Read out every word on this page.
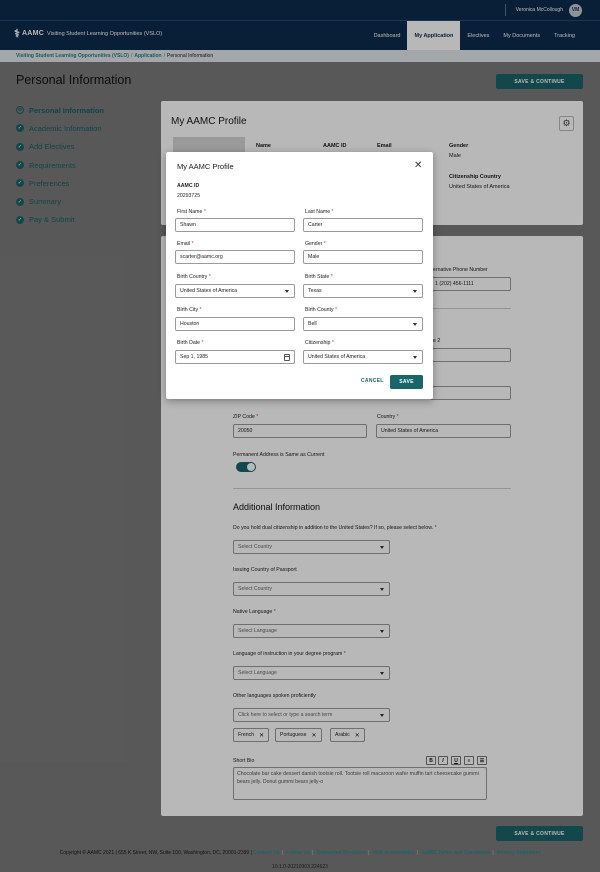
Veronica McCollough	VM
⚕ AAMC Visiting Student Learning Opportunities (VSLO)	Dashboard	My Application	Electives	My Documents	Tracking
Visiting Student Learning Opportunities (VSLO) / Application / Personal Information
Personal Information	SAVE & CONTINUE
⊘ Personal Information
✓ Academic Information
✓ Add Electives
✓ Requirements
✓ Preferences
✓ Summary
✓ Pay & Submit
My AAMC Profile	⚙
Name	AAMC ID	Email	Gender
Male
Citizenship Country
United States of America
ernative Phone Number
1 (202) 456-1111
e 2
ZIP Code *
20050
Country *
United States of America
Permanent Address is Same as Current
Additional Information
Do you hold dual citizenship in addition to the United States? If so, please select below. *
Select Country
Issuing Country of Passport
Select Country
Native Language *
Select Language
Language of instruction in your degree program *
Select Language
Other languages spoken proficiently
Click here to select or type a search term
French ✕	Portuguese ✕	Arabic ✕
Short Bio	B	I	U	≡	☰
Chocolate bar cake dessert danish tootsie roll. Tootsie roll macaroon wafer muffin tart cheesecake gummi bears jelly. Donut gummi bears jelly-o
SAVE & CONTINUE
Copyright © AAMC 2021 | 655 K Street, NW, Suite 100, Washington, DC, 20001-2399 | Contact Us | Follow Us | Supported Browsers | Web Accessibility | AAMC Terms and Conditions | Privacy Statement
10.1.0-20210903.224623
My AAMC Profile	✕
AAMC ID
20293725
First Name *
Shawn
Last Name *
Carter
Email *
scarter@aamc.org
Gender *
Male
Birth Country *
United States of America
Birth State *
Texas
Birth City *
Houston
Birth County *
Bell
Birth Date *
Sep 1, 1985
Citizenship *
United States of America
CANCEL	SAVE
